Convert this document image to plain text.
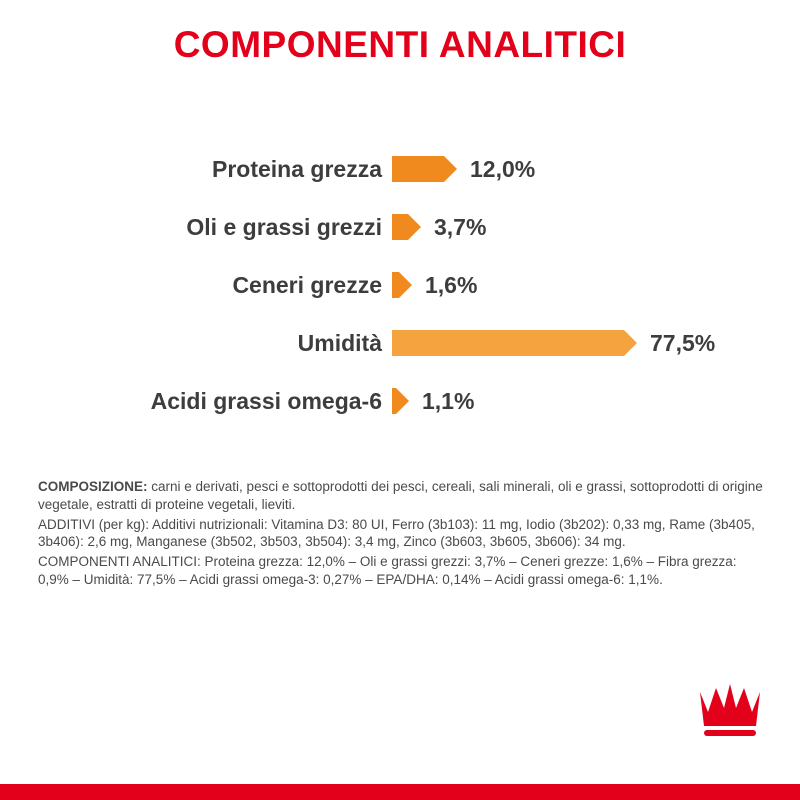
COMPONENTI ANALITICI
Proteina grezza	12,0%
Oli e grassi grezzi	3,7%
Ceneri grezze	1,6%
Umidità	77,5%
Acidi grassi omega-6	1,1%

COMPOSIZIONE: carni e derivati, pesci e sottoprodotti dei pesci, cereali, sali minerali, oli e grassi, sottoprodotti di origine vegetale, estratti di proteine vegetali, lieviti.

ADDITIVI (per kg): Additivi nutrizionali: Vitamina D3: 80 UI, Ferro (3b103): 11 mg, Iodio (3b202): 0,33 mg, Rame (3b405, 3b406): 2,6 mg, Manganese (3b502, 3b503, 3b504): 3,4 mg, Zinco (3b603, 3b605, 3b606): 34 mg.

COMPONENTI ANALITICI: Proteina grezza: 12,0% – Oli e grassi grezzi: 3,7% – Ceneri grezze: 1,6% – Fibra grezza: 0,9% – Umidità: 77,5% – Acidi grassi omega-3: 0,27% – EPA/DHA: 0,14% – Acidi grassi omega-6: 1,1%.
